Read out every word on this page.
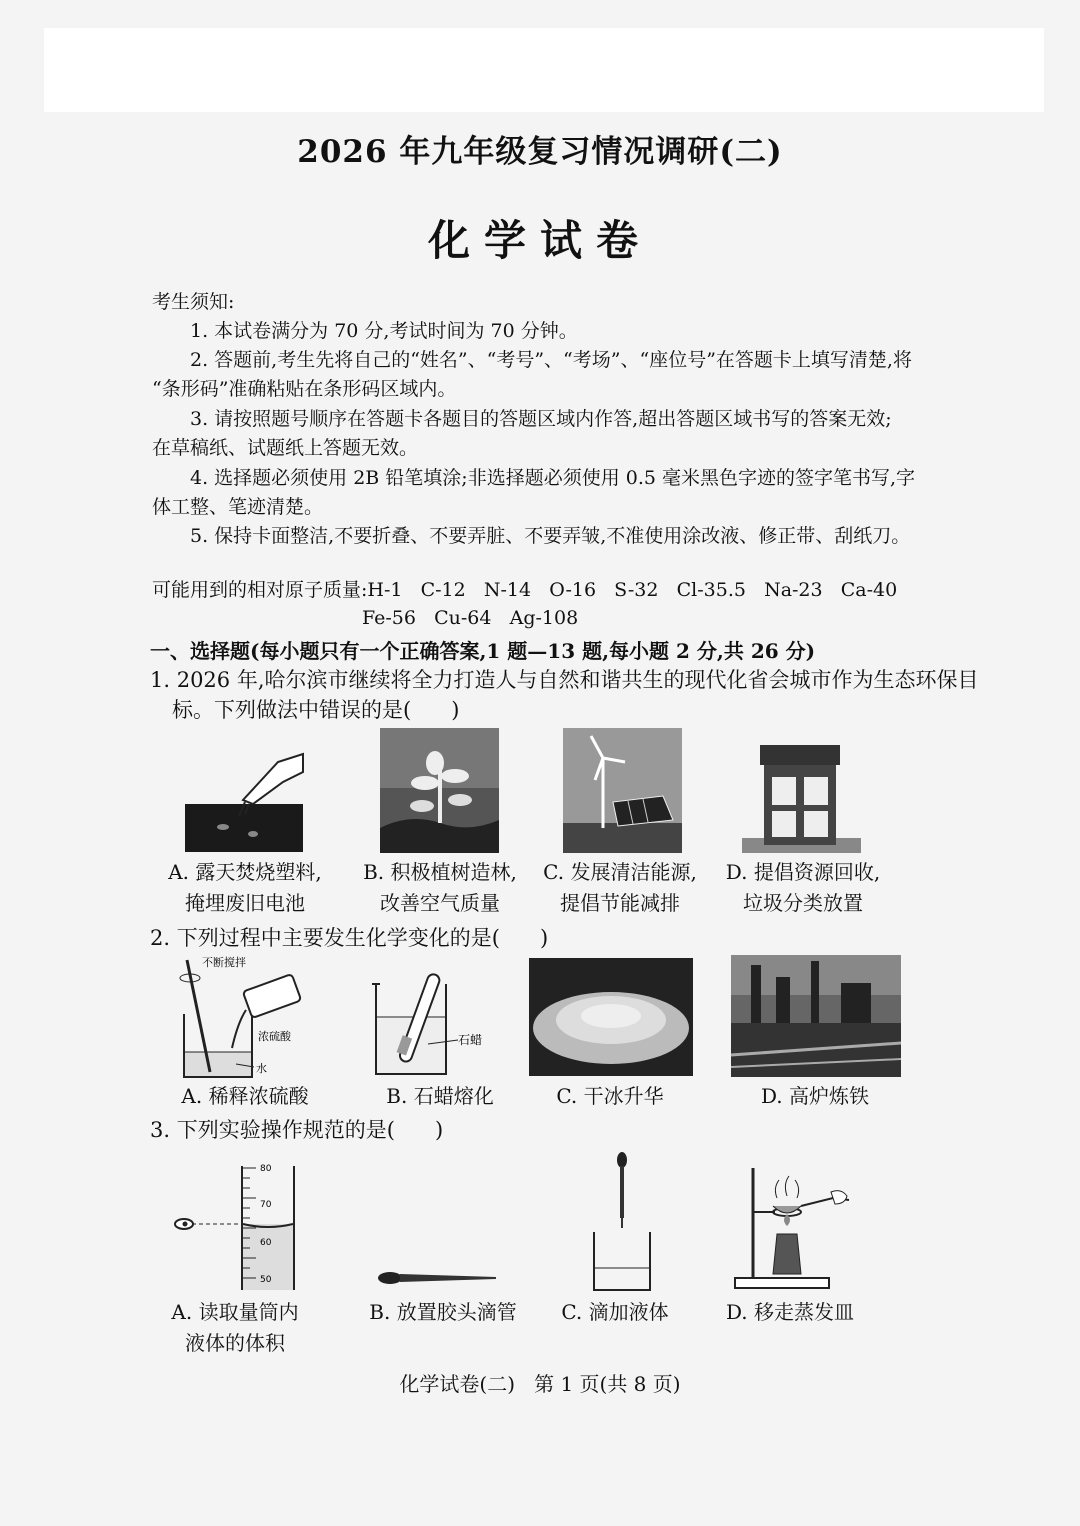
2026 年九年级复习情况调研(二)
化学试卷
考生须知:
1. 本试卷满分为 70 分,考试时间为 70 分钟。
2. 答题前,考生先将自己的“姓名”、“考号”、“考场”、“座位号”在答题卡上填写清楚,将
“条形码”准确粘贴在条形码区域内。
3. 请按照题号顺序在答题卡各题目的答题区域内作答,超出答题区域书写的答案无效;
在草稿纸、试题纸上答题无效。
4. 选择题必须使用 2B 铅笔填涂;非选择题必须使用 0.5 毫米黑色字迹的签字笔书写,字
体工整、笔迹清楚。
5. 保持卡面整洁,不要折叠、不要弄脏、不要弄皱,不准使用涂改液、修正带、刮纸刀。
可能用到的相对原子质量:H-1   C-12   N-14   O-16   S-32   Cl-35.5   Na-23   Ca-40
Fe-56   Cu-64   Ag-108
一、选择题(每小题只有一个正确答案,1 题—13 题,每小题 2 分,共 26 分)
1. 2026 年,哈尔滨市继续将全力打造人与自然和谐共生的现代化省会城市作为生态环保目
标。下列做法中错误的是(      )
A. 露天焚烧塑料,
掩埋废旧电池
B. 积极植树造林,
改善空气质量
C. 发展清洁能源,
提倡节能减排
D. 提倡资源回收,
垃圾分类放置
2. 下列过程中主要发生化学变化的是(      )
不断搅拌
浓硫酸
水
石蜡
A. 稀释浓硫酸	B. 石蜡熔化	C. 干冰升华	D. 高炉炼铁
3. 下列实验操作规范的是(      )
80
70
60
50
A. 读取量筒内
液体的体积
B. 放置胶头滴管	C. 滴加液体	D. 移走蒸发皿
化学试卷(二)   第 1 页(共 8 页)
